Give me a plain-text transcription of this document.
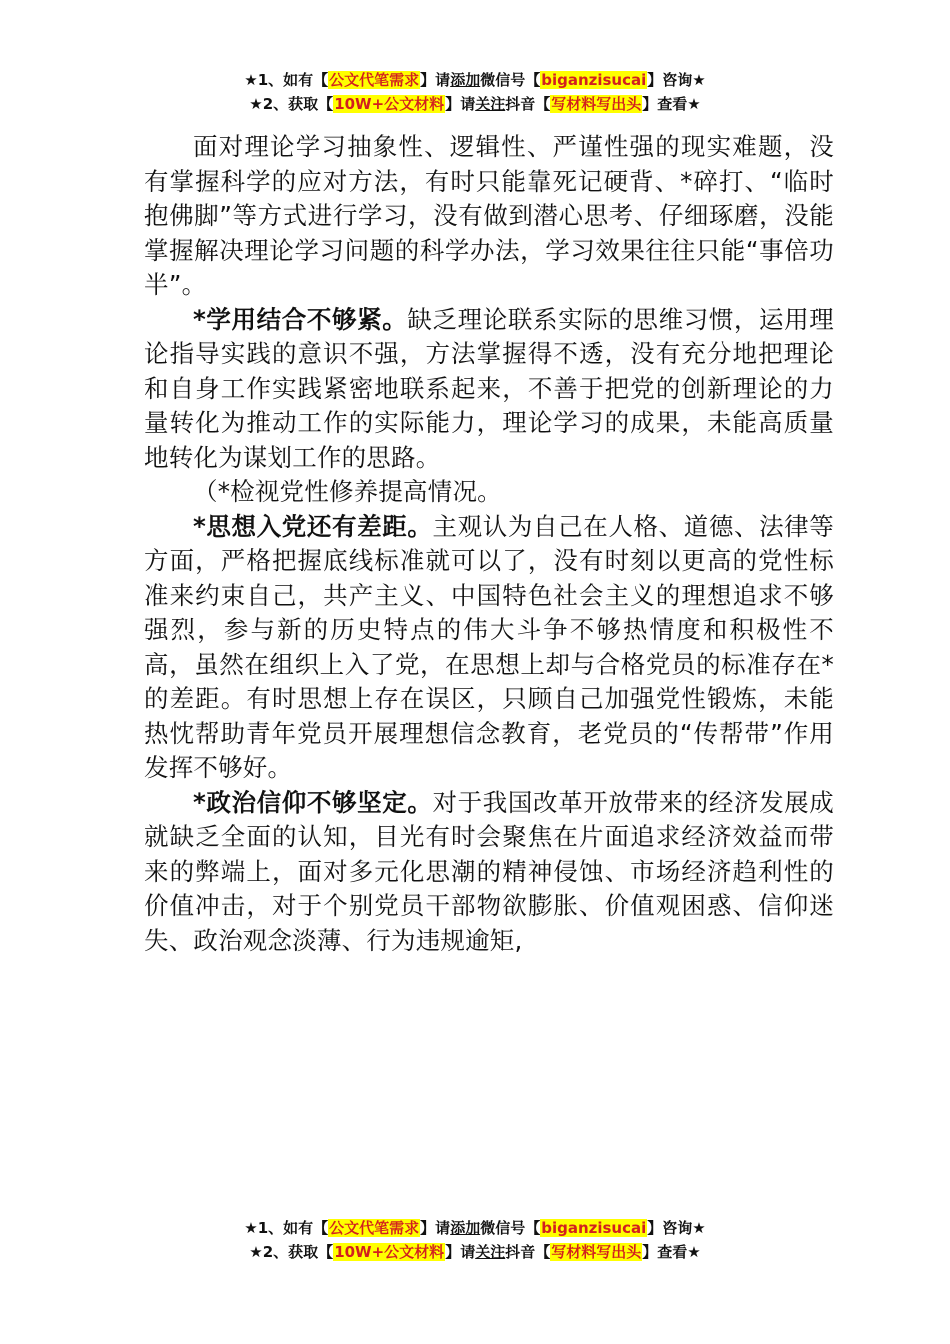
★1、如有【公文代笔需求】请添加微信号【biganzisucai】咨询★
★2、获取【10W+公文材料】请关注抖音【写材料写出头】查看★

面对理论学习抽象性、逻辑性、严谨性强的现实难题，没有掌握科学的应对方法，有时只能靠死记硬背、*碎打、“临时抱佛脚”等方式进行学习，没有做到潜心思考、仔细琢磨，没能掌握解决理论学习问题的科学办法，学习效果往往只能“事倍功半”。

*学用结合不够紧。缺乏理论联系实际的思维习惯，运用理论指导实践的意识不强，方法掌握得不透，没有充分地把理论和自身工作实践紧密地联系起来，不善于把党的创新理论的力量转化为推动工作的实际能力，理论学习的成果，未能高质量地转化为谋划工作的思路。

（*检视党性修养提高情况。

*思想入党还有差距。主观认为自己在人格、道德、法律等方面，严格把握底线标准就可以了，没有时刻以更高的党性标准来约束自己，共产主义、中国特色社会主义的理想追求不够强烈，参与新的历史特点的伟大斗争不够热情度和积极性不高，虽然在组织上入了党，在思想上却与合格党员的标准存在*的差距。有时思想上存在误区，只顾自己加强党性锻炼，未能热忱帮助青年党员开展理想信念教育，老党员的“传帮带”作用发挥不够好。

*政治信仰不够坚定。对于我国改革开放带来的经济发展成就缺乏全面的认知，目光有时会聚焦在片面追求经济效益而带来的弊端上，面对多元化思潮的精神侵蚀、市场经济趋利性的价值冲击，对于个别党员干部物欲膨胀、价值观困惑、信仰迷失、政治观念淡薄、行为违规逾矩,

★1、如有【公文代笔需求】请添加微信号【biganzisucai】咨询★
★2、获取【10W+公文材料】请关注抖音【写材料写出头】查看★
